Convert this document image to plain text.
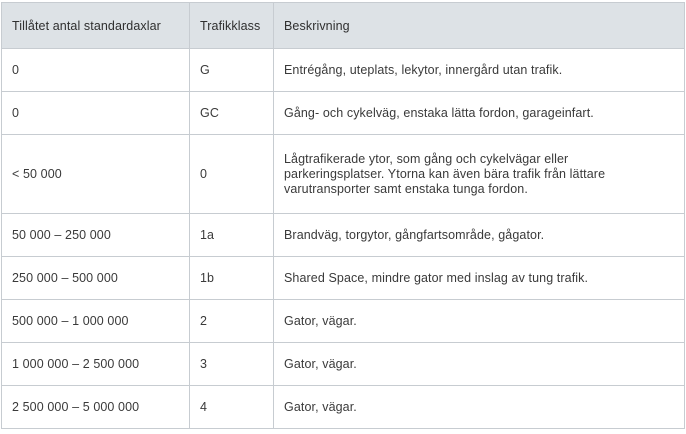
Tillåtet antal standardaxlar	Trafikklass	Beskrivning
0	G	Entrégång, uteplats, lekytor, innergård utan trafik.
0	GC	Gång- och cykelväg, enstaka lätta fordon, garageinfart.
< 50 000	0	Lågtrafikerade ytor, som gång och cykelvägar eller parkeringsplatser. Ytorna kan även bära trafik från lättare varutransporter samt enstaka tunga fordon.
50 000 – 250 000	1a	Brandväg, torgytor, gångfartsområde, gågator.
250 000 – 500 000	1b	Shared Space, mindre gator med inslag av tung trafik.
500 000 – 1 000 000	2	Gator, vägar.
1 000 000 – 2 500 000	3	Gator, vägar.
2 500 000 – 5 000 000	4	Gator, vägar.
